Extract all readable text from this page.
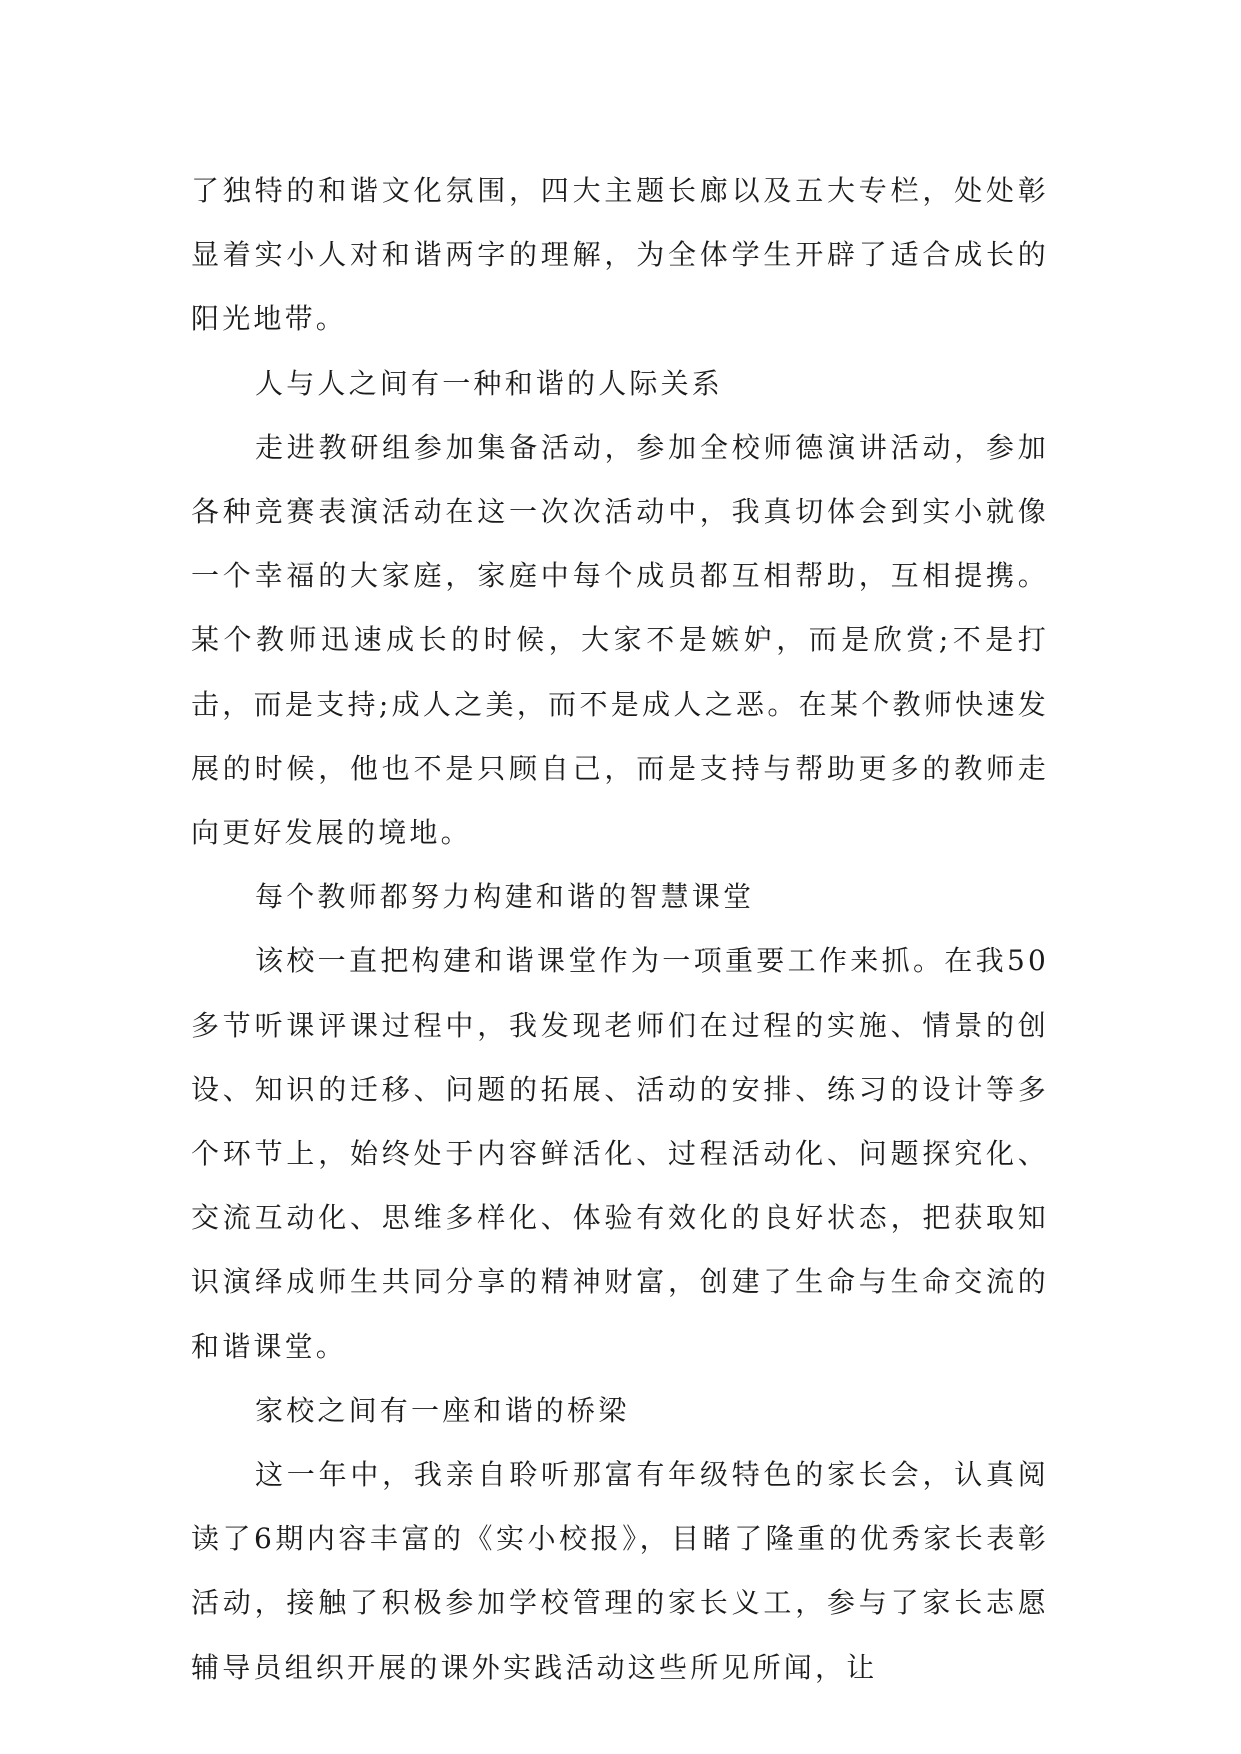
了独特的和谐文化氛围，四大主题长廊以及五大专栏，处处彰显着实小人对和谐两字的理解，为全体学生开辟了适合成长的阳光地带。

人与人之间有一种和谐的人际关系

走进教研组参加集备活动，参加全校师德演讲活动，参加各种竞赛表演活动在这一次次活动中，我真切体会到实小就像一个幸福的大家庭，家庭中每个成员都互相帮助，互相提携。某个教师迅速成长的时候，大家不是嫉妒，而是欣赏;不是打击，而是支持;成人之美，而不是成人之恶。在某个教师快速发展的时候，他也不是只顾自己，而是支持与帮助更多的教师走向更好发展的境地。

每个教师都努力构建和谐的智慧课堂

该校一直把构建和谐课堂作为一项重要工作来抓。在我50多节听课评课过程中，我发现老师们在过程的实施、情景的创设、知识的迁移、问题的拓展、活动的安排、练习的设计等多个环节上，始终处于内容鲜活化、过程活动化、问题探究化、交流互动化、思维多样化、体验有效化的良好状态，把获取知识演绎成师生共同分享的精神财富，创建了生命与生命交流的和谐课堂。

家校之间有一座和谐的桥梁

这一年中，我亲自聆听那富有年级特色的家长会，认真阅读了6期内容丰富的《实小校报》，目睹了隆重的优秀家长表彰活动，接触了积极参加学校管理的家长义工，参与了家长志愿辅导员组织开展的课外实践活动这些所见所闻，让
